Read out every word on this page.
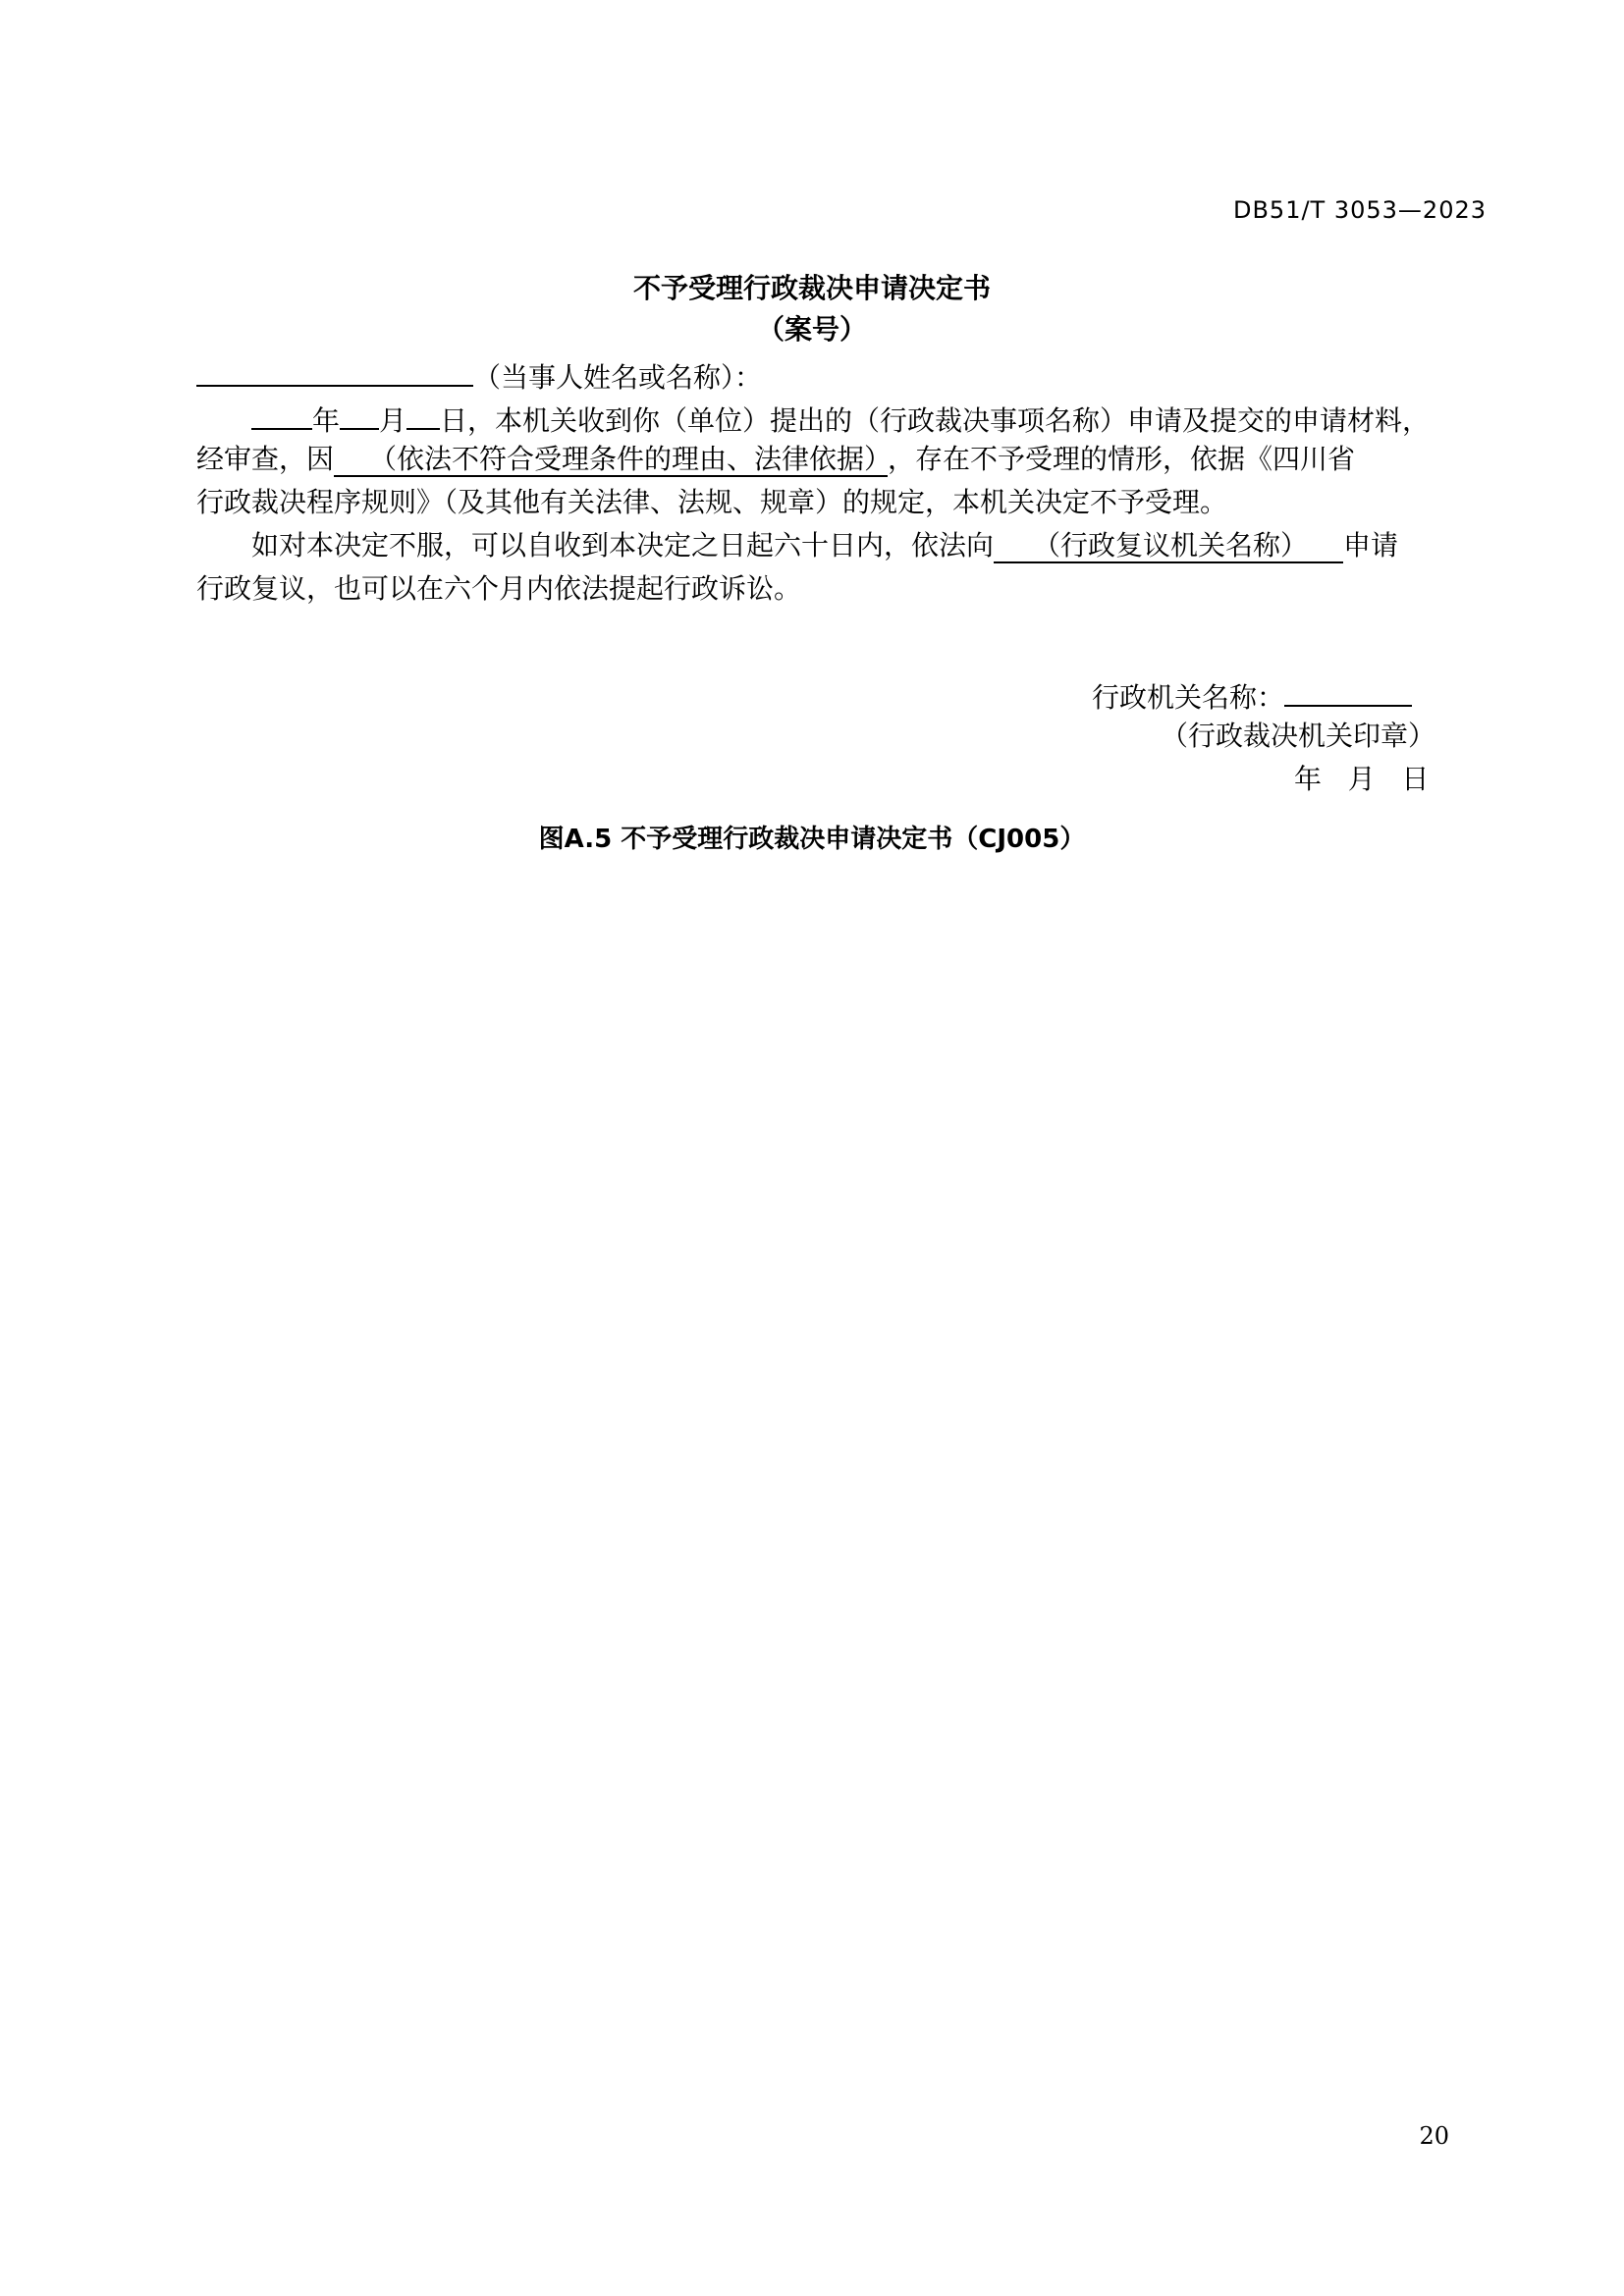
DB51/T 3053—2023
不予受理行政裁决申请决定书
（案号）
（当事人姓名或名称）：
年 月 日，本机关收到你（单位）提出的（行政裁决事项名称）申请及提交的申请材料，
经审查，因 （依法不符合受理条件的理由、法律依据） ，存在不予受理的情形，依据《四川省
行政裁决程序规则》（及其他有关法律、法规、规章）的规定，本机关决定不予受理。
如对本决定不服，可以自收到本决定之日起六十日内，依法向 （行政复议机关名称） 申请
行政复议，也可以在六个月内依法提起行政诉讼。
行政机关名称：
（行政裁决机关印章）
年   月   日
图A.5 不予受理行政裁决申请决定书（CJ005）
20
